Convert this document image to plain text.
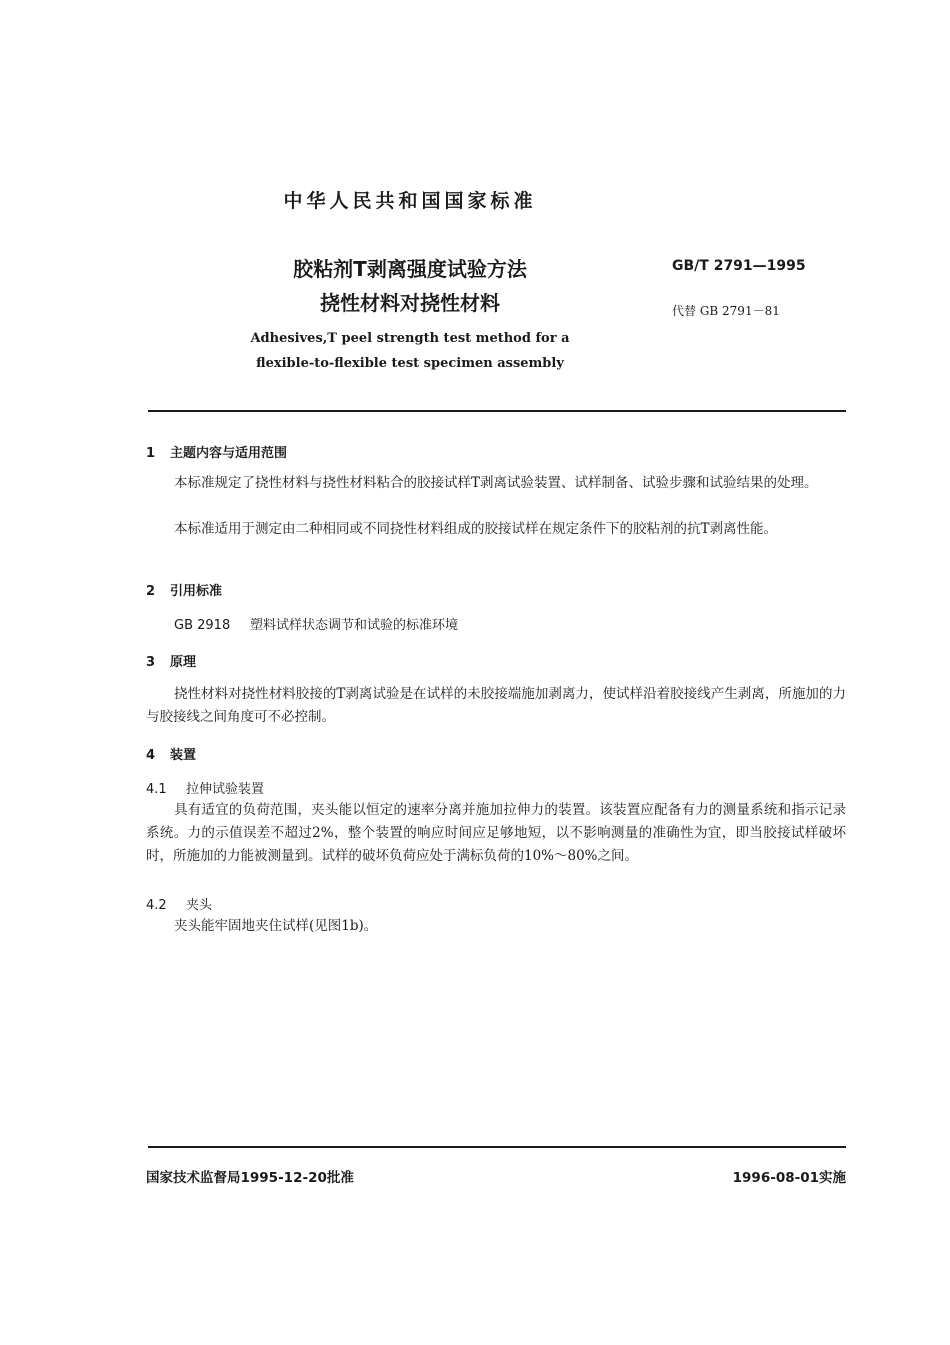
中华人民共和国国家标准
胶粘剂T剥离强度试验方法
挠性材料对挠性材料
Adhesives,T peel strength test method for a
flexible-to-flexible test specimen assembly
GB/T 2791—1995
代替 GB 2791－81
1 主题内容与适用范围
本标准规定了挠性材料与挠性材料粘合的胶接试样T剥离试验装置、试样制备、试验步骤和试验结果的处理。
本标准适用于测定由二种相同或不同挠性材料组成的胶接试样在规定条件下的胶粘剂的抗T剥离性能。
2 引用标准
GB 2918 塑料试样状态调节和试验的标准环境
3 原理
挠性材料对挠性材料胶接的T剥离试验是在试样的未胶接端施加剥离力，使试样沿着胶接线产生剥离，所施加的力与胶接线之间角度可不必控制。
4 装置
4.1 拉伸试验装置
具有适宜的负荷范围，夹头能以恒定的速率分离并施加拉伸力的装置。该装置应配备有力的测量系统和指示记录系统。力的示值误差不超过2%，整个装置的响应时间应足够地短，以不影响测量的准确性为宜，即当胶接试样破坏时，所施加的力能被测量到。试样的破坏负荷应处于满标负荷的10%～80%之间。
4.2 夹头
夹头能牢固地夹住试样(见图1b)。
国家技术监督局1995-12-20批准	1996-08-01实施
